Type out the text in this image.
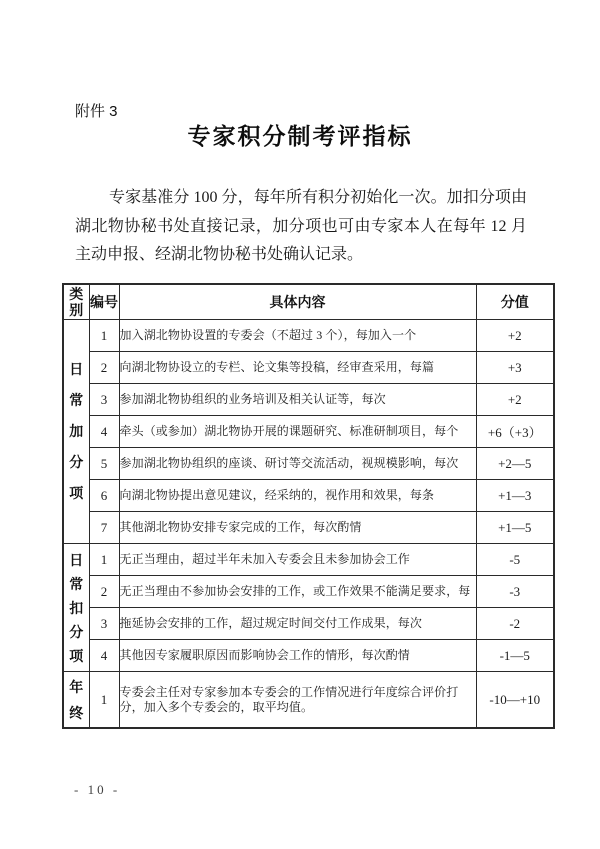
附件 3
专家积分制考评指标

专家基准分 100 分，每年所有积分初始化一次。加扣分项由湖北物协秘书处直接记录，加分项也可由专家本人在每年 12 月主动申报、经湖北物协秘书处确认记录。

类别	编号	具体内容	分值
日常加分项	1	加入湖北物协设置的专委会（不超过 3 个），每加入一个	+2
	2	向湖北物协设立的专栏、论文集等投稿，经审查采用，每篇	+3
	3	参加湖北物协组织的业务培训及相关认证等，每次	+2
	4	牵头（或参加）湖北物协开展的课题研究、标准研制项目，每个	+6（+3）
	5	参加湖北物协组织的座谈、研讨等交流活动，视规模影响，每次	+2—5
	6	向湖北物协提出意见建议，经采纳的，视作用和效果，每条	+1—3
	7	其他湖北物协安排专家完成的工作，每次酌情	+1—5
日常扣分项	1	无正当理由，超过半年未加入专委会且未参加协会工作	-5
	2	无正当理由不参加协会安排的工作，或工作效果不能满足要求，每	-3
	3	拖延协会安排的工作，超过规定时间交付工作成果，每次	-2
	4	其他因专家履职原因而影响协会工作的情形，每次酌情	-1—5
年终	1	专委会主任对专家参加本专委会的工作情况进行年度综合评价打分，加入多个专委会的，取平均值。	-10—+10
- 10 -
